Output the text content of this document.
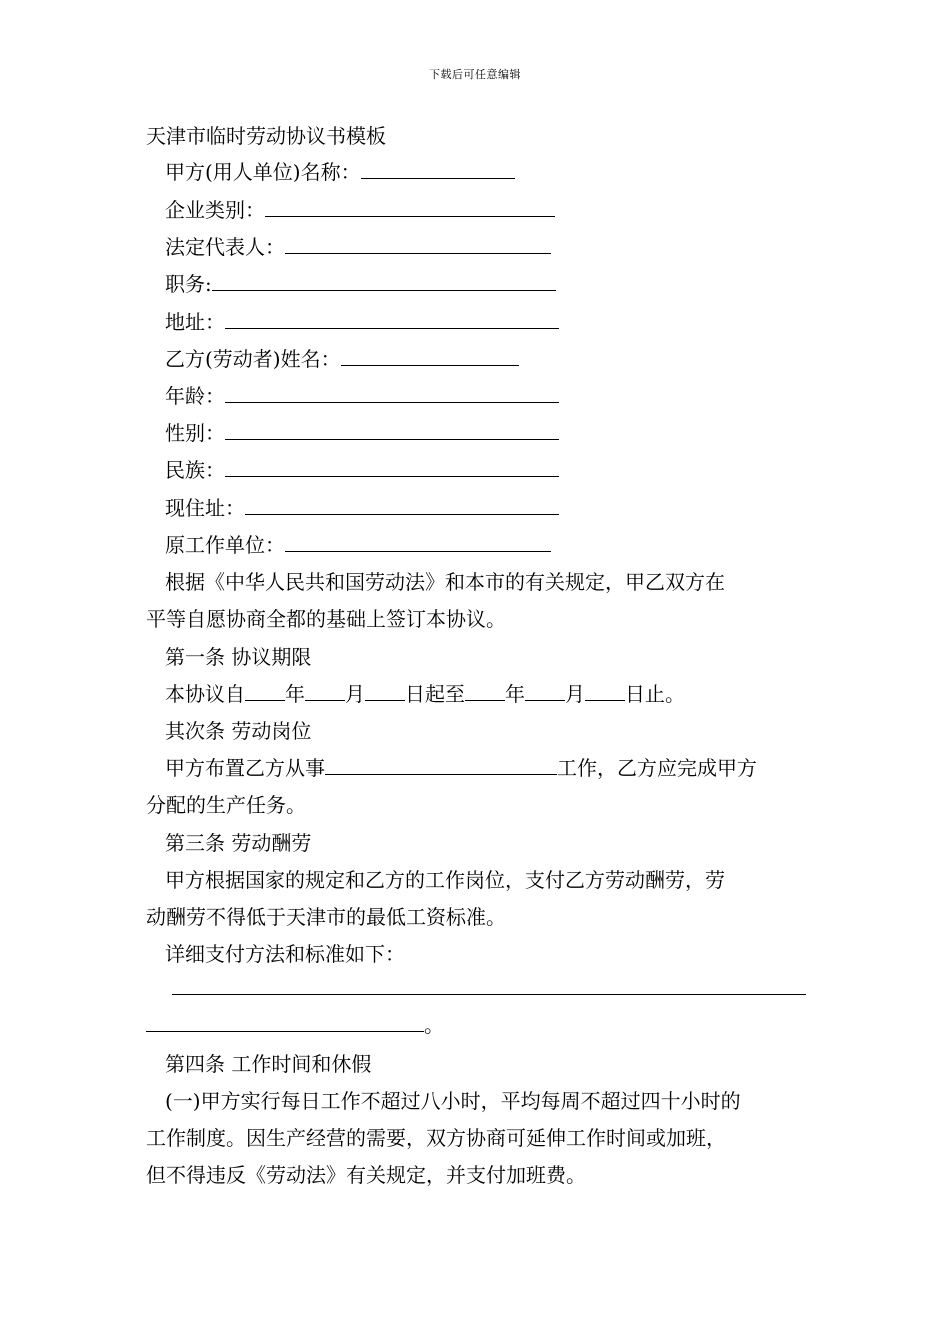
下载后可任意编辑
天津市临时劳动协议书模板
甲方(用人单位)名称：
企业类别：
法定代表人：
职务:
地址：
乙方(劳动者)姓名：
年龄：
性别：
民族：
现住址：
原工作单位：
根据《中华人民共和国劳动法》和本市的有关规定，甲乙双方在
平等自愿协商全都的基础上签订本协议。
第一条 协议期限
本协议自 年 月 日起至 年 月 日止。
其次条 劳动岗位
甲方布置乙方从事	工作，乙方应完成甲方
分配的生产任务。
第三条 劳动酬劳
甲方根据国家的规定和乙方的工作岗位，支付乙方劳动酬劳，劳
动酬劳不得低于天津市的最低工资标准。
详细支付方法和标准如下：
。
第四条 工作时间和休假
(一)甲方实行每日工作不超过八小时，平均每周不超过四十小时的
工作制度。因生产经营的需要，双方协商可延伸工作时间或加班，
但不得违反《劳动法》有关规定，并支付加班费。
